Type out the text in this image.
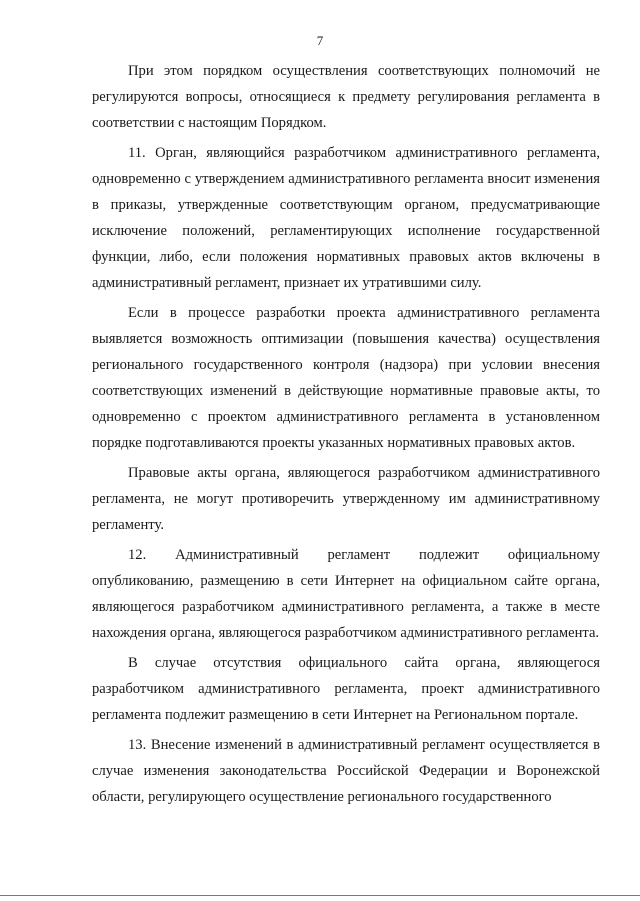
7

При этом порядком осуществления соответствующих полномочий не регулируются вопросы, относящиеся к предмету регулирования регламента в соответствии с настоящим Порядком.

11. Орган, являющийся разработчиком административного регламента, одновременно с утверждением административного регламента вносит изменения в приказы, утвержденные соответствующим органом, предусматривающие исключение положений, регламентирующих исполнение государственной функции, либо, если положения нормативных правовых актов включены в административный регламент, признает их утратившими силу.

Если в процессе разработки проекта административного регламента выявляется возможность оптимизации (повышения качества) осуществления регионального государственного контроля (надзора) при условии внесения соответствующих изменений в действующие нормативные правовые акты, то одновременно с проектом административного регламента в установленном порядке подготавливаются проекты указанных нормативных правовых актов.

Правовые акты органа, являющегося разработчиком административного регламента, не могут противоречить утвержденному им административному регламенту.

12. Административный регламент подлежит официальному опубликованию, размещению в сети Интернет на официальном сайте органа, являющегося разработчиком административного регламента, а также в месте нахождения органа, являющегося разработчиком административного регламента.

В случае отсутствия официального сайта органа, являющегося разработчиком административного регламента, проект административного регламента подлежит размещению в сети Интернет на Региональном портале.

13. Внесение изменений в административный регламент осуществляется в случае изменения законодательства Российской Федерации и Воронежской области, регулирующего осуществление регионального государственного
